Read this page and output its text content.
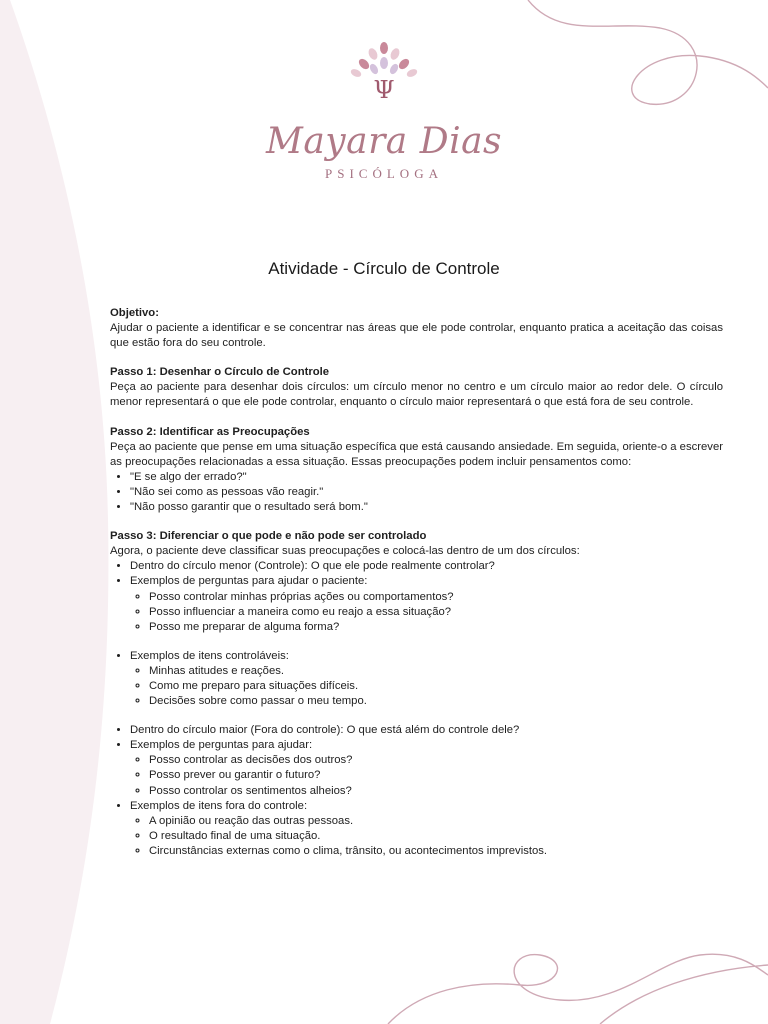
Ψ
Mayara Dias
PSICÓLOGA
Atividade - Círculo de Controle
Objetivo:
Ajudar o paciente a identificar e se concentrar nas áreas que ele pode controlar, enquanto pratica a aceitação das coisas que estão fora do seu controle.
Passo 1: Desenhar o Círculo de Controle
Peça ao paciente para desenhar dois círculos: um círculo menor no centro e um círculo maior ao redor dele. O círculo menor representará o que ele pode controlar, enquanto o círculo maior representará o que está fora de seu controle.
Passo 2: Identificar as Preocupações
Peça ao paciente que pense em uma situação específica que está causando ansiedade. Em seguida, oriente-o a escrever as preocupações relacionadas a essa situação. Essas preocupações podem incluir pensamentos como:
• "E se algo der errado?"
• "Não sei como as pessoas vão reagir."
• "Não posso garantir que o resultado será bom."
Passo 3: Diferenciar o que pode e não pode ser controlado
Agora, o paciente deve classificar suas preocupações e colocá-las dentro de um dos círculos:
• Dentro do círculo menor (Controle): O que ele pode realmente controlar?
• Exemplos de perguntas para ajudar o paciente:
◦ Posso controlar minhas próprias ações ou comportamentos?
◦ Posso influenciar a maneira como eu reajo a essa situação?
◦ Posso me preparar de alguma forma?
• Exemplos de itens controláveis:
◦ Minhas atitudes e reações.
◦ Como me preparo para situações difíceis.
◦ Decisões sobre como passar o meu tempo.
• Dentro do círculo maior (Fora do controle): O que está além do controle dele?
• Exemplos de perguntas para ajudar:
◦ Posso controlar as decisões dos outros?
◦ Posso prever ou garantir o futuro?
◦ Posso controlar os sentimentos alheios?
• Exemplos de itens fora do controle:
◦ A opinião ou reação das outras pessoas.
◦ O resultado final de uma situação.
◦ Circunstâncias externas como o clima, trânsito, ou acontecimentos imprevistos.
